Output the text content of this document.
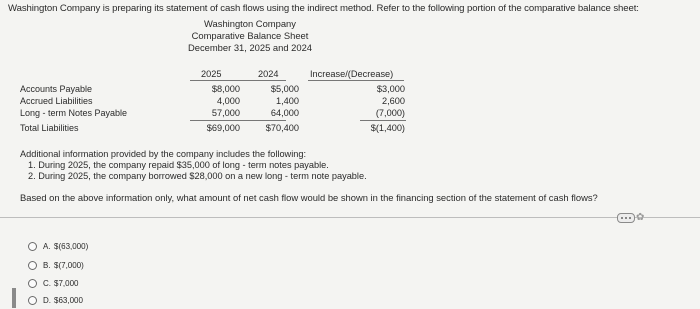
Washington Company is preparing its statement of cash flows using the indirect method. Refer to the following portion of the comparative balance sheet:
Washington Company
Comparative Balance Sheet
December 31, 2025 and 2024
2025	2024	Increase/(Decrease)
Accounts Payable	$8,000	$5,000	$3,000
Accrued Liabilities	4,000	1,400	2,600
Long - term Notes Payable	57,000	64,000	(7,000)
Total Liabilities	$69,000	$70,400	$(1,400)
Additional information provided by the company includes the following:
1. During 2025, the company repaid $35,000 of long - term notes payable.
2. During 2025, the company borrowed $28,000 on a new long - term note payable.
Based on the above information only, what amount of net cash flow would be shown in the financing section of the statement of cash flows?
✿
A. $(63,000)
B. $(7,000)
C. $7,000
D. $63,000
